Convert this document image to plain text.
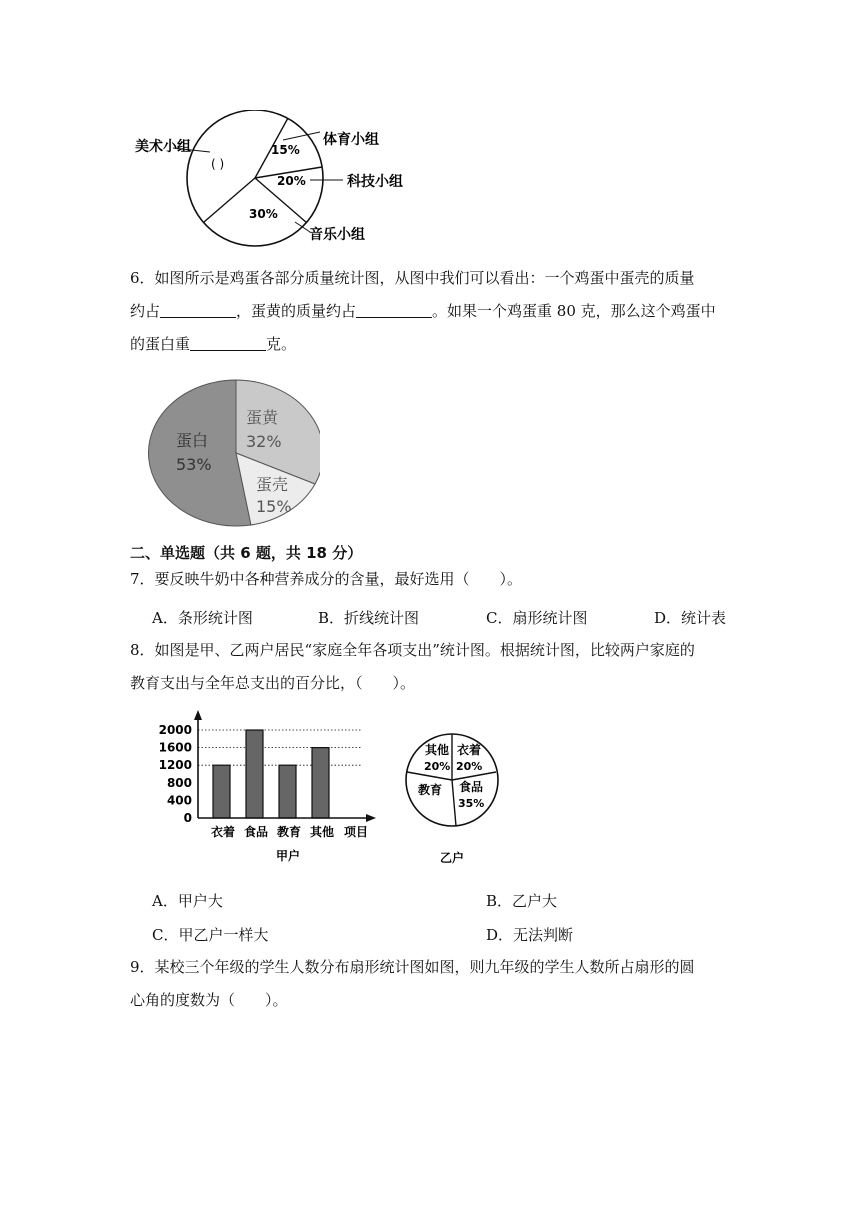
美术小组	体育小组
科技小组
音乐小组
( )
15%
20%
30%
6．如图所示是鸡蛋各部分质量统计图，从图中我们可以看出：一个鸡蛋中蛋壳的质量
约占	，蛋黄的质量约占	。如果一个鸡蛋重 80 克，那么这个鸡蛋中
的蛋白重	克。
蛋白
53%
蛋黄
32%
蛋壳
15%
二、单选题（共 6 题，共 18 分）
7．要反映牛奶中各种营养成分的含量，最好选用（　　）。
A．条形统计图	B．折线统计图	C．扇形统计图	D．统计表
8．如图是甲、乙两户居民“家庭全年各项支出”统计图。根据统计图，比较两户家庭的
教育支出与全年总支出的百分比，（　　）。
2000
1600
1200
800
400
0
衣着 食品 教育 其他 项目
甲户
其他
20%
衣着
20%
食品
35%
教育
乙户
A．甲户大	B．乙户大
C．甲乙户一样大	D．无法判断
9．某校三个年级的学生人数分布扇形统计图如图，则九年级的学生人数所占扇形的圆
心角的度数为（　　）。
